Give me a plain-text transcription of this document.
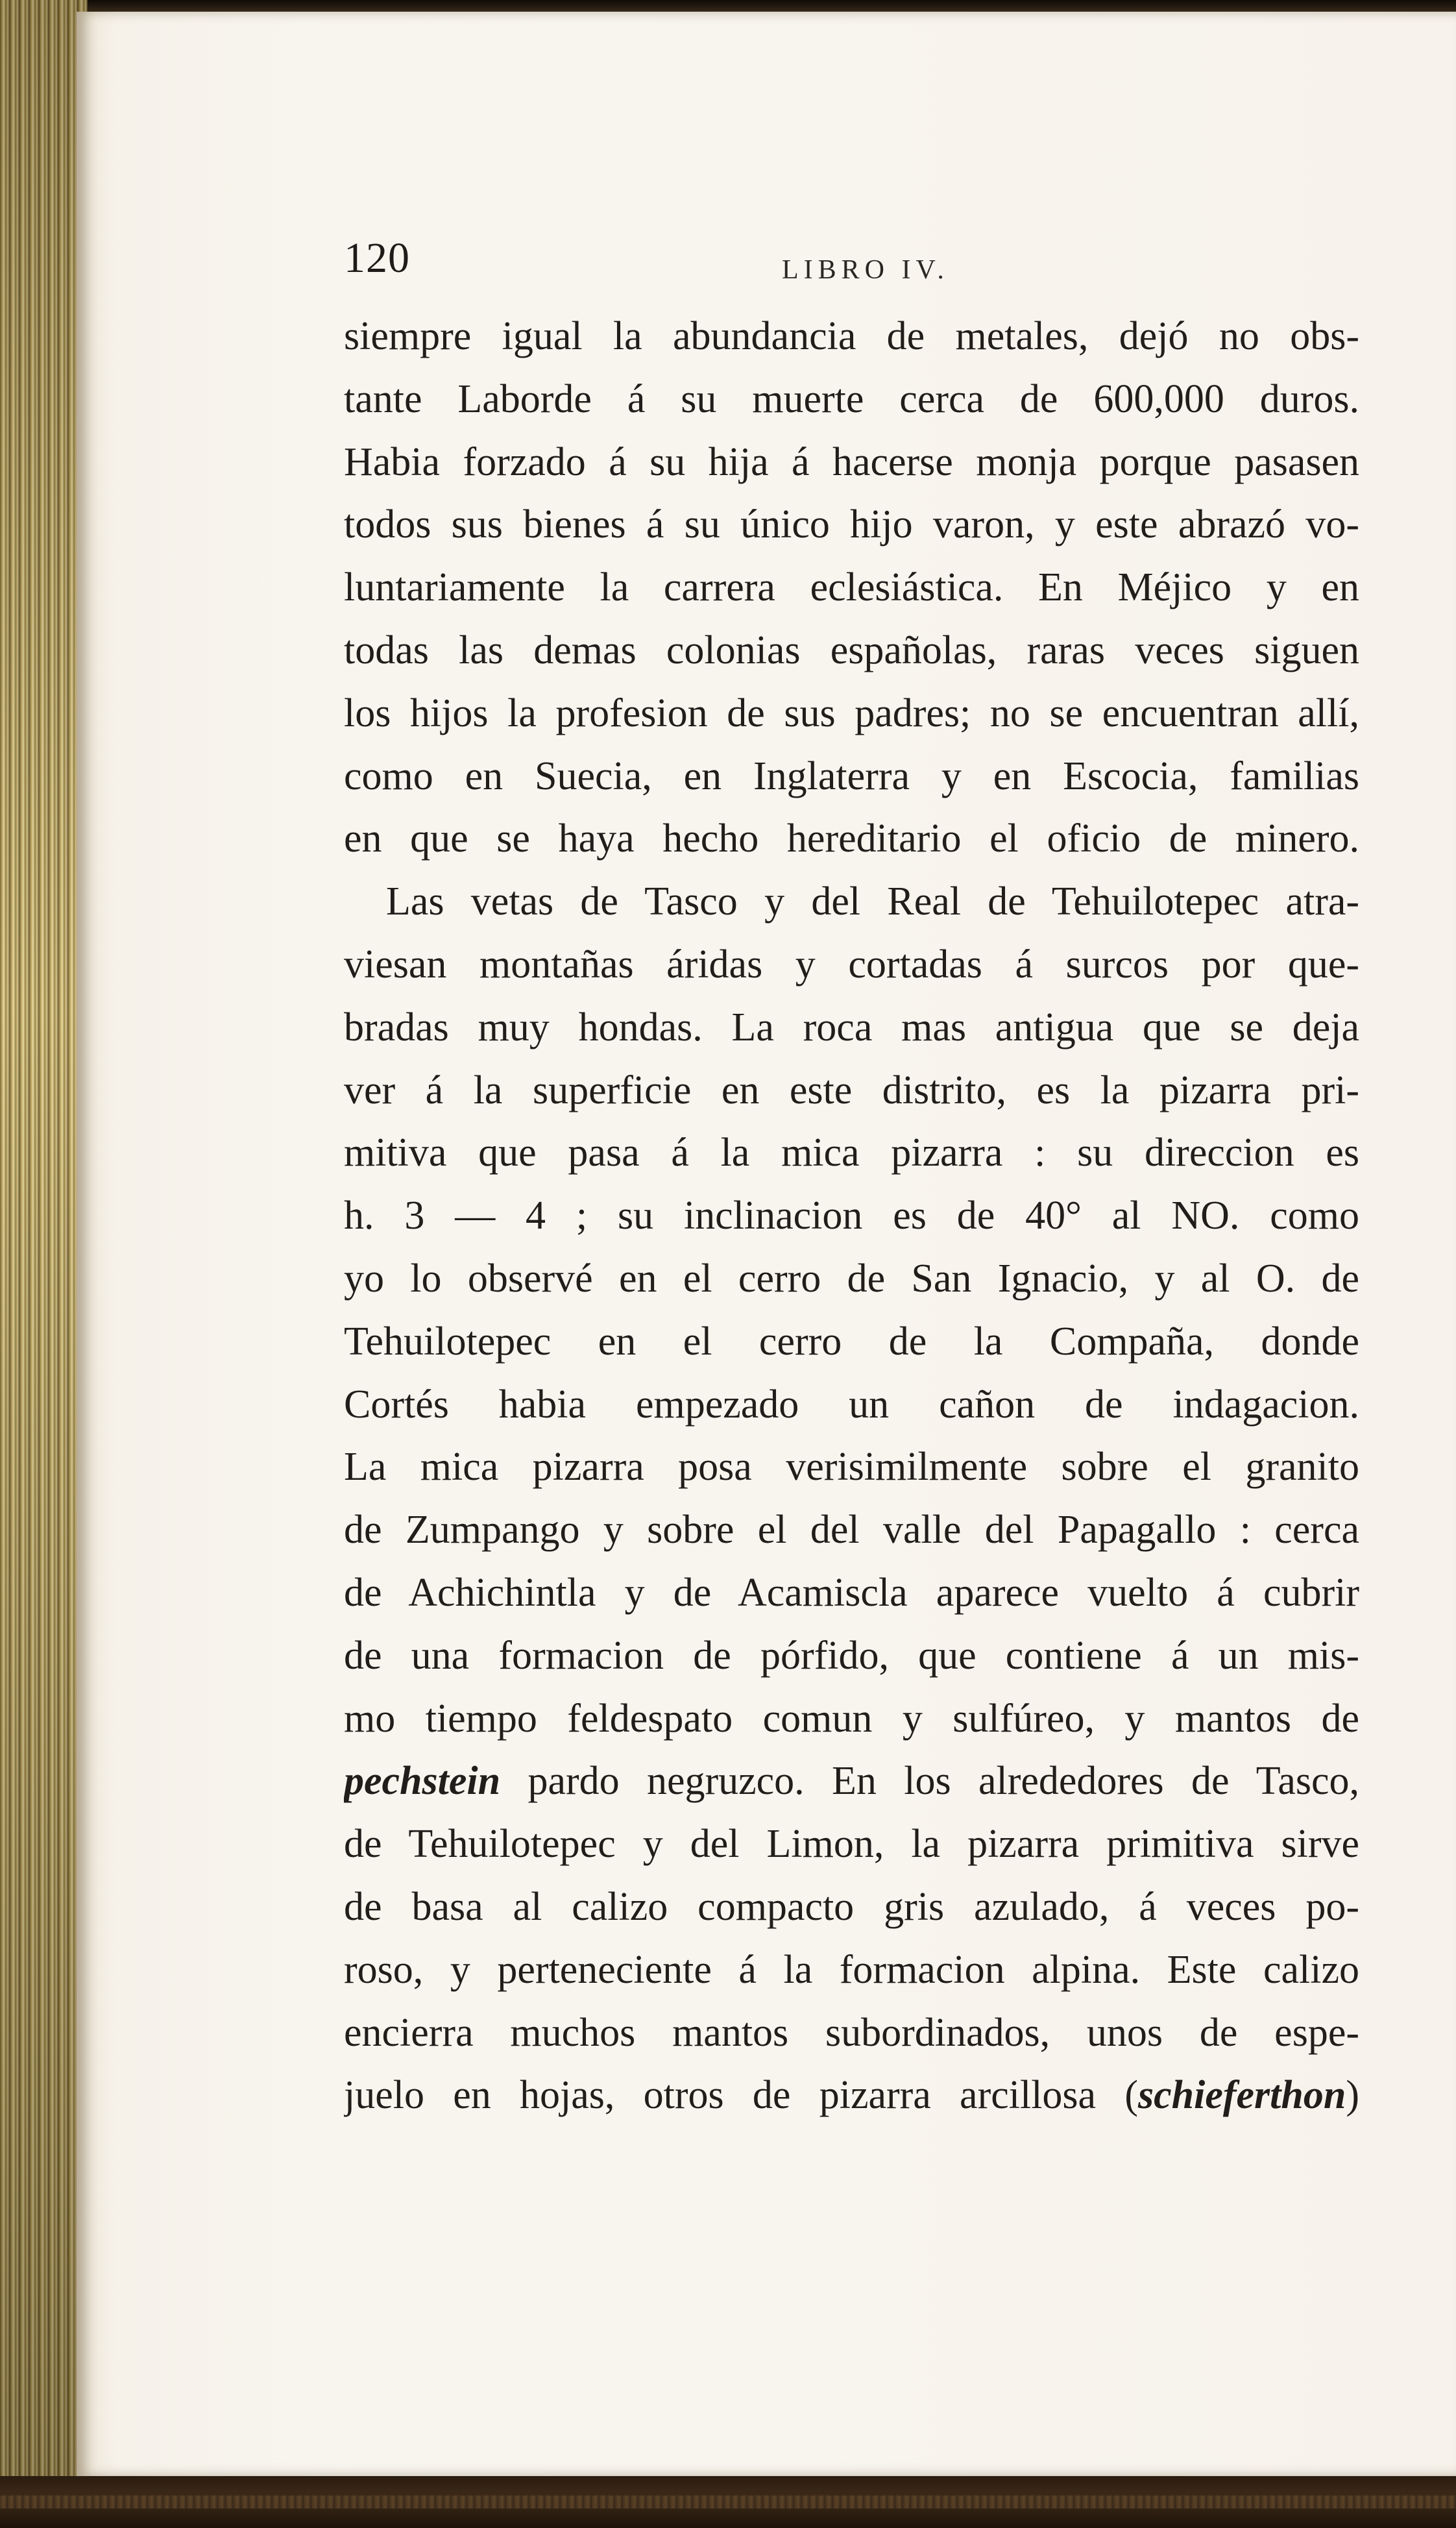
120	LIBRO IV.
siempre igual la abundancia de metales, dejó no obs-
tante Laborde á su muerte cerca de 600,000 duros.
Habia forzado á su hija á hacerse monja porque pasasen
todos sus bienes á su único hijo varon, y este abrazó vo-
luntariamente la carrera eclesiástica. En Méjico y en
todas las demas colonias españolas, raras veces siguen
los hijos la profesion de sus padres; no se encuentran allí,
como en Suecia, en Inglaterra y en Escocia, familias
en que se haya hecho hereditario el oficio de minero.
Las vetas de Tasco y del Real de Tehuilotepec atra-
viesan montañas áridas y cortadas á surcos por que-
bradas muy hondas. La roca mas antigua que se deja
ver á la superficie en este distrito, es la pizarra pri-
mitiva que pasa á la mica pizarra : su direccion es
h. 3 — 4 ; su inclinacion es de 40° al NO. como
yo lo observé en el cerro de San Ignacio, y al O. de
Tehuilotepec en el cerro de la Compaña, donde
Cortés habia empezado un cañon de indagacion.
La mica pizarra posa verisimilmente sobre el granito
de Zumpango y sobre el del valle del Papagallo : cerca
de Achichintla y de Acamiscla aparece vuelto á cubrir
de una formacion de pórfido, que contiene á un mis-
mo tiempo feldespato comun y sulfúreo, y mantos de
pechstein pardo negruzco. En los alrededores de Tasco,
de Tehuilotepec y del Limon, la pizarra primitiva sirve
de basa al calizo compacto gris azulado, á veces po-
roso, y perteneciente á la formacion alpina. Este calizo
encierra muchos mantos subordinados, unos de espe-
juelo en hojas, otros de pizarra arcillosa (schieferthon)
